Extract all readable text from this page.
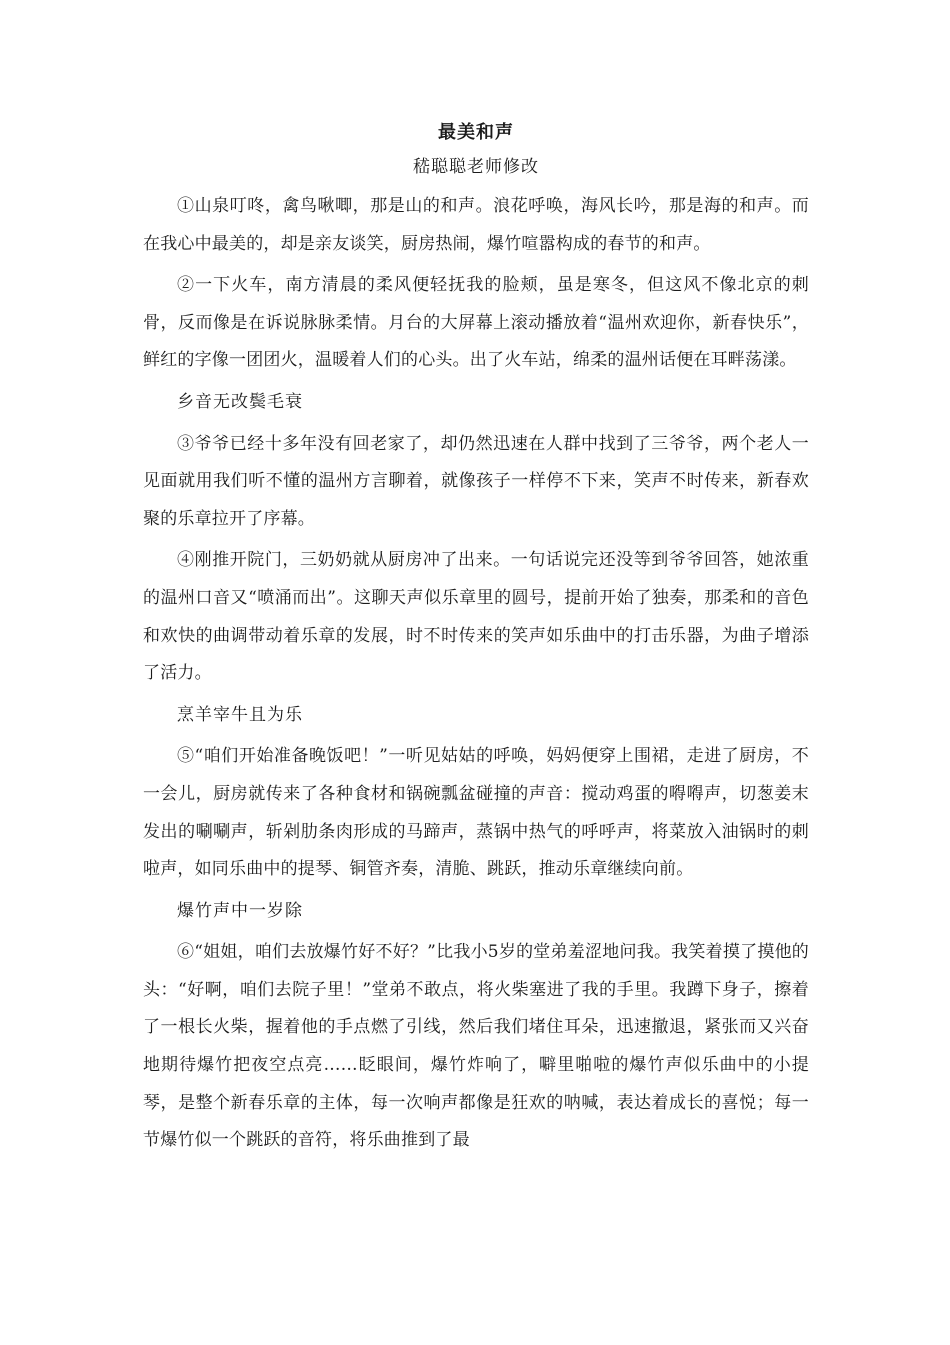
最美和声
嵇聪聪老师修改

①山泉叮咚，禽鸟啾唧，那是山的和声。浪花呼唤，海风长吟，那是海的和声。而在我心中最美的，却是亲友谈笑，厨房热闹，爆竹喧嚣构成的春节的和声。

②一下火车，南方清晨的柔风便轻抚我的脸颊，虽是寒冬，但这风不像北京的刺骨，反而像是在诉说脉脉柔情。月台的大屏幕上滚动播放着“温州欢迎你，新春快乐”，鲜红的字像一团团火，温暖着人们的心头。出了火车站，绵柔的温州话便在耳畔荡漾。

乡音无改鬓毛衰

③爷爷已经十多年没有回老家了，却仍然迅速在人群中找到了三爷爷，两个老人一见面就用我们听不懂的温州方言聊着，就像孩子一样停不下来，笑声不时传来，新春欢聚的乐章拉开了序幕。

④刚推开院门，三奶奶就从厨房冲了出来。一句话说完还没等到爷爷回答，她浓重的温州口音又“喷涌而出”。这聊天声似乐章里的圆号，提前开始了独奏，那柔和的音色和欢快的曲调带动着乐章的发展，时不时传来的笑声如乐曲中的打击乐器，为曲子增添了活力。

烹羊宰牛且为乐

⑤“咱们开始准备晚饭吧！”一听见姑姑的呼唤，妈妈便穿上围裙，走进了厨房，不一会儿，厨房就传来了各种食材和锅碗瓢盆碰撞的声音：搅动鸡蛋的嘚嘚声，切葱姜末发出的唰唰声，斩剁肋条肉形成的马蹄声，蒸锅中热气的呼呼声，将菜放入油锅时的刺啦声，如同乐曲中的提琴、铜管齐奏，清脆、跳跃，推动乐章继续向前。

爆竹声中一岁除

⑥“姐姐，咱们去放爆竹好不好？”比我小5岁的堂弟羞涩地问我。我笑着摸了摸他的头：“好啊，咱们去院子里！”堂弟不敢点，将火柴塞进了我的手里。我蹲下身子，擦着了一根长火柴，握着他的手点燃了引线，然后我们堵住耳朵，迅速撤退，紧张而又兴奋地期待爆竹把夜空点亮……眨眼间，爆竹炸响了，噼里啪啦的爆竹声似乐曲中的小提琴，是整个新春乐章的主体，每一次响声都像是狂欢的呐喊，表达着成长的喜悦；每一节爆竹似一个跳跃的音符，将乐曲推到了最
